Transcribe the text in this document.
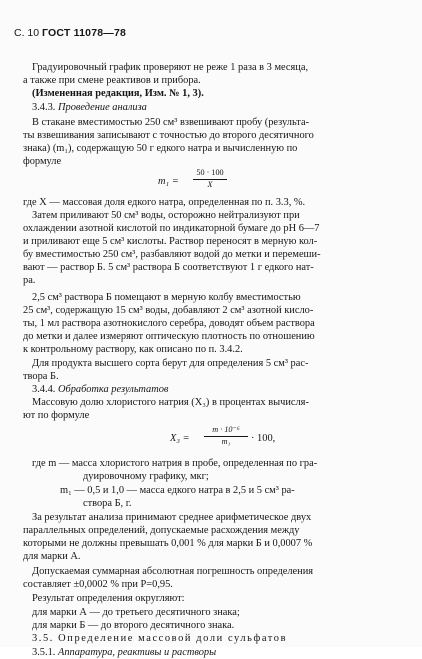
С. 10 ГОСТ 11078—78
Градуировочный график проверяют не реже 1 раза в 3 месяца,
а также при смене реактивов и прибора.
(Измененная редакция, Изм. № 1, 3).
3.4.3. Проведение анализа
В стакане вместимостью 250 см³ взвешивают пробу (результа-
ты взвешивания записывают с точностью до второго десятичного
знака) (m₁), содержащую 50 г едкого натра и вычисленную по
формуле
m₁ =
50 · 100
X
где X — массовая доля едкого натра, определенная по п. 3.3, %.
Затем приливают 50 см³ воды, осторожно нейтрализуют при
охлаждении азотной кислотой по индикаторной бумаге до pH 6—7
и приливают еще 5 см³ кислоты. Раствор переносят в мерную кол-
бу вместимостью 250 см³, разбавляют водой до метки и перемеши-
вают — раствор Б. 5 см³ раствора Б соответствуют 1 г едкого нат-
ра.
2,5 см³ раствора Б помещают в мерную колбу вместимостью
25 см³, содержащую 15 см³ воды, добавляют 2 см³ азотной кисло-
ты, 1 мл раствора азотнокислого серебра, доводят объем раствора
до метки и далее измеряют оптическую плотность по отношению
к контрольному раствору, как описано по п. 3.4.2.
Для продукта высшего сорта берут для определения 5 см³ рас-
твора Б.
3.4.4. Обработка результатов
Массовую долю хлористого натрия (X₃) в процентах вычисля-
ют по формуле
X₃ =
m · 10⁻⁶
m₁	· 100,
где m — масса хлористого натрия в пробе, определенная по гра-
дуировочному графику, мкг;
m₁ — 0,5 и 1,0 — масса едкого натра в 2,5 и 5 см³ ра-
створа Б, г.
За результат анализа принимают среднее арифметическое двух
параллельных определений, допускаемые расхождения между
которыми не должны превышать 0,001 % для марки Б и 0,0007 %
для марки А.
Допускаемая суммарная абсолютная погрешность определения
составляет ±0,0002 % при P=0,95.
Результат определения округляют:
для марки А — до третьего десятичного знака;
для марки Б — до второго десятичного знака.
3.5. Определение массовой доли сульфатов
3.5.1. Аппаратура, реактивы и растворы
